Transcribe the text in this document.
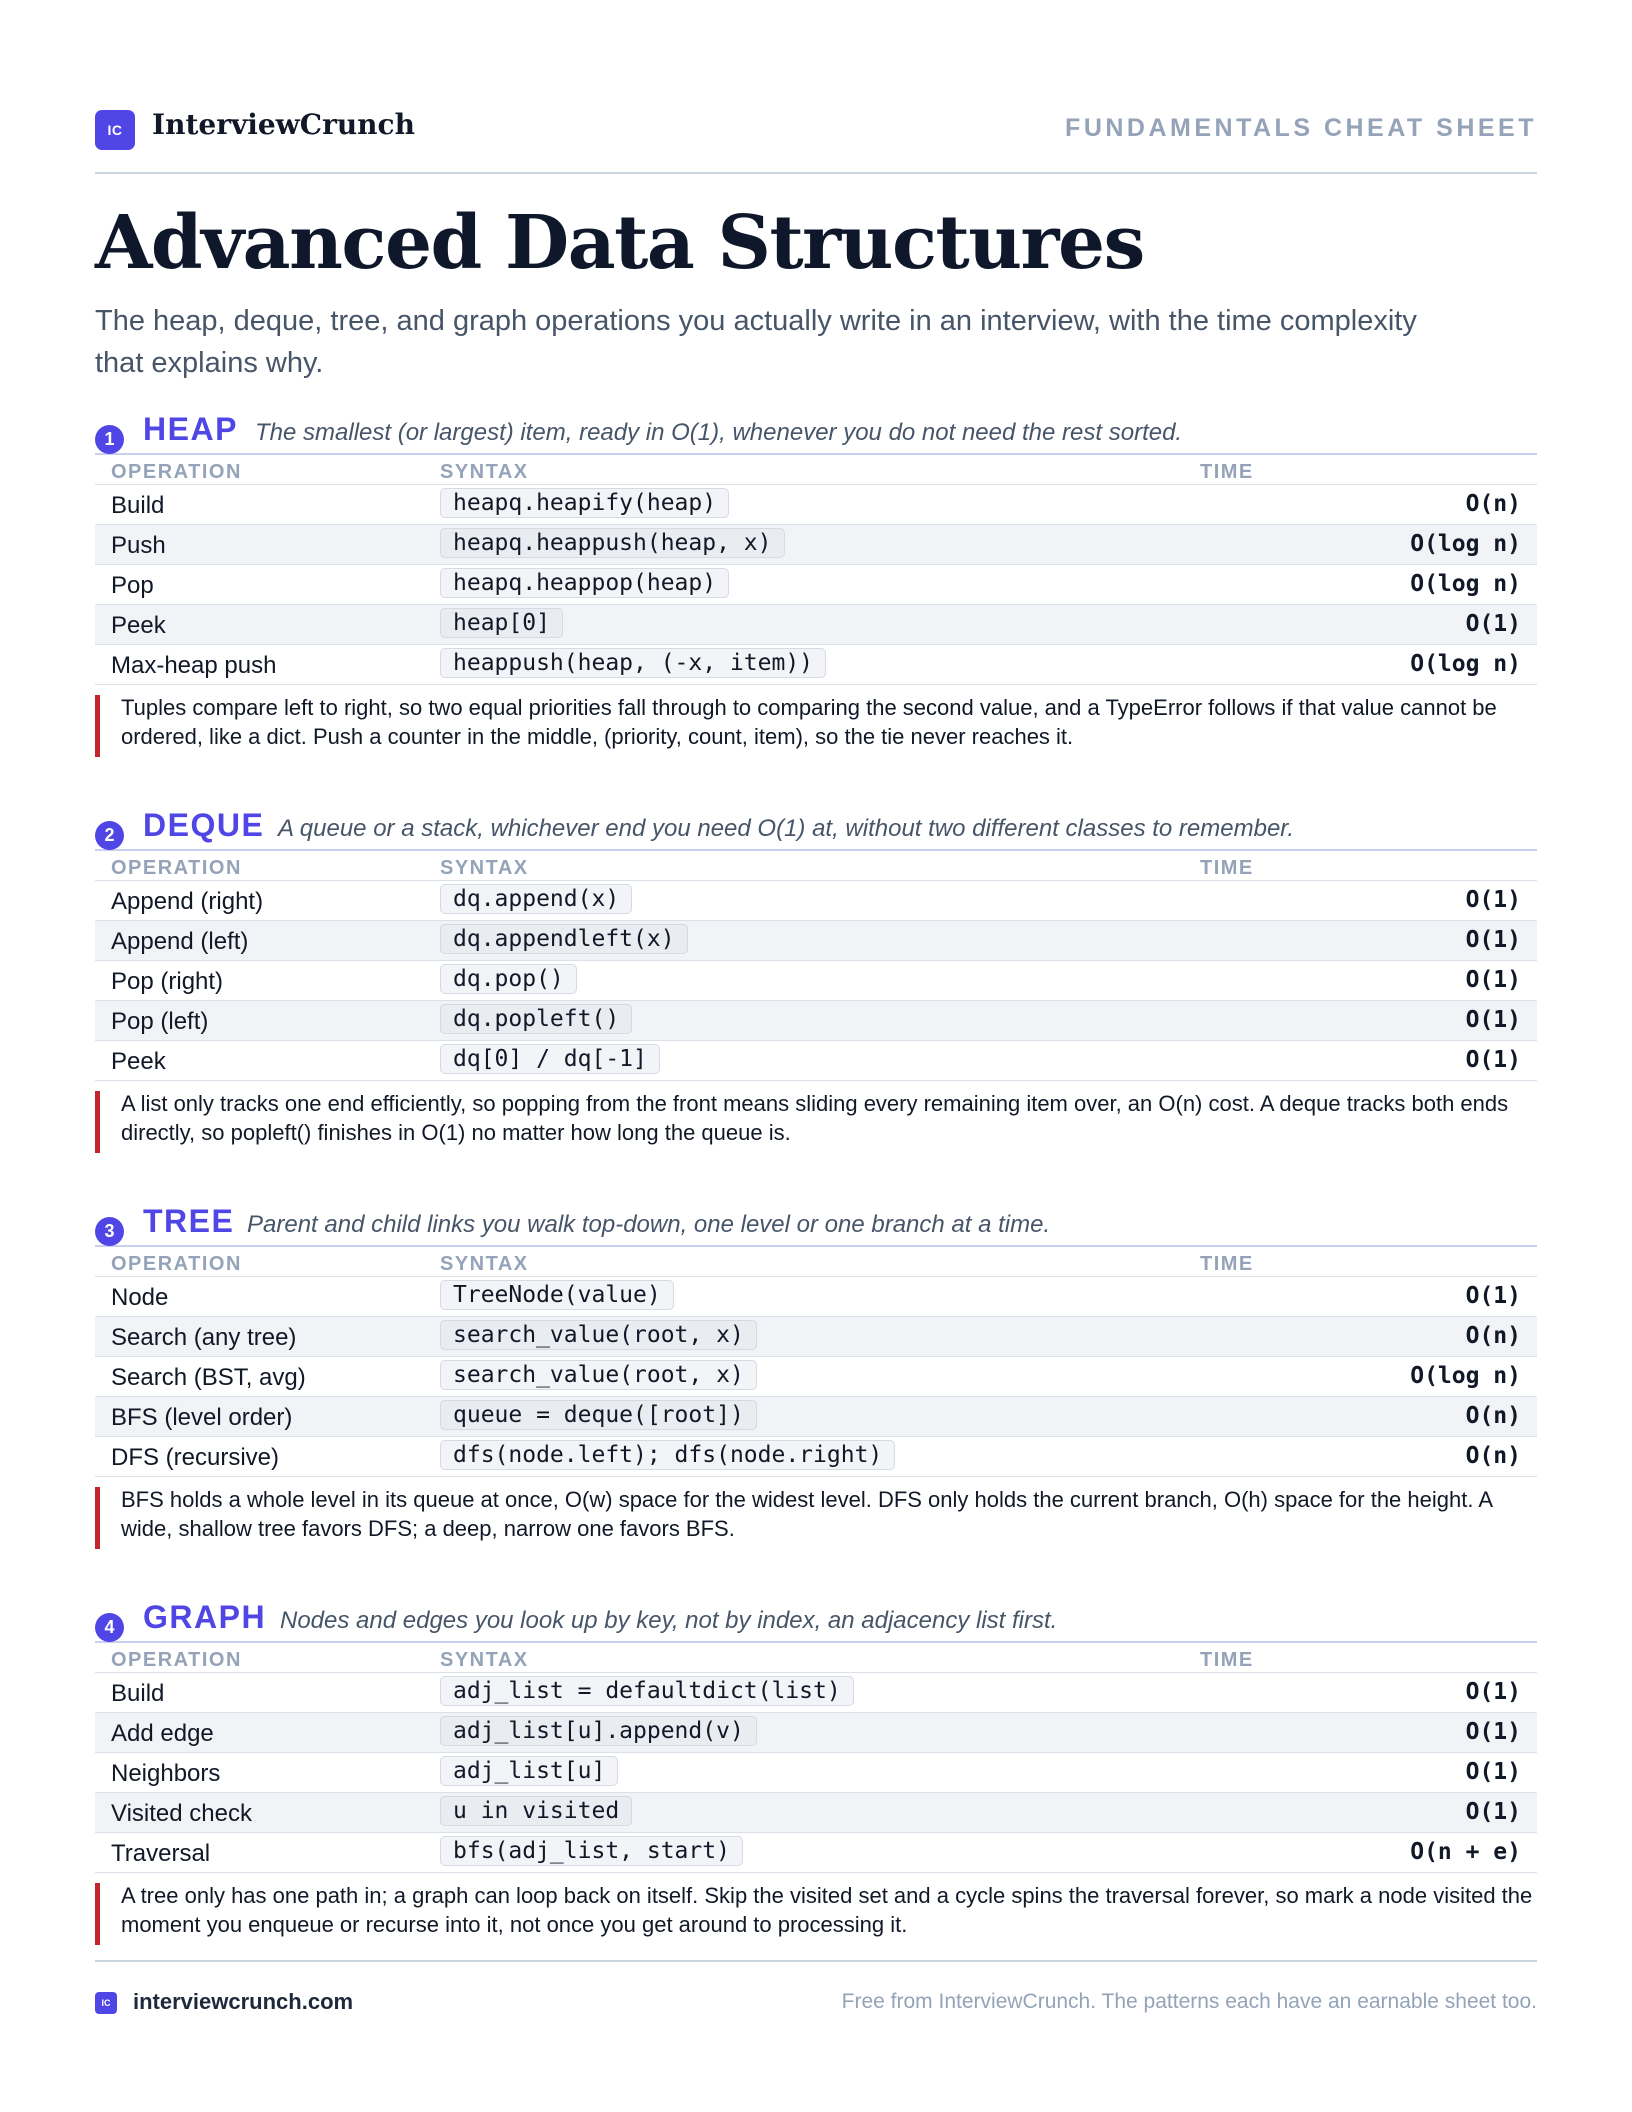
IC	InterviewCrunch	FUNDAMENTALS CHEAT SHEET
Advanced Data Structures

The heap, deque, tree, and graph operations you actually write in an interview, with the time complexity that explains why.

1 HEAP The smallest (or largest) item, ready in O(1), whenever you do not need the rest sorted.
OPERATION	SYNTAX	TIME
Build	heapq.heapify(heap)	O(n)
Push	heapq.heappush(heap, x)	O(log n)
Pop	heapq.heappop(heap)	O(log n)
Peek	heap[0]	O(1)
Max-heap push	heappush(heap, (-x, item))	O(log n)
Tuples compare left to right, so two equal priorities fall through to comparing the second value, and a TypeError follows if that value cannot be ordered, like a dict. Push a counter in the middle, (priority, count, item), so the tie never reaches it.
2 DEQUE A queue or a stack, whichever end you need O(1) at, without two different classes to remember.
OPERATION	SYNTAX	TIME
Append (right)	dq.append(x)	O(1)
Append (left)	dq.appendleft(x)	O(1)
Pop (right)	dq.pop()	O(1)
Pop (left)	dq.popleft()	O(1)
Peek	dq[0] / dq[-1]	O(1)
A list only tracks one end efficiently, so popping from the front means sliding every remaining item over, an O(n) cost. A deque tracks both ends directly, so popleft() finishes in O(1) no matter how long the queue is.
3 TREE Parent and child links you walk top-down, one level or one branch at a time.
OPERATION	SYNTAX	TIME
Node	TreeNode(value)	O(1)
Search (any tree)	search_value(root, x)	O(n)
Search (BST, avg)	search_value(root, x)	O(log n)
BFS (level order)	queue = deque([root])	O(n)
DFS (recursive)	dfs(node.left); dfs(node.right)	O(n)
BFS holds a whole level in its queue at once, O(w) space for the widest level. DFS only holds the current branch, O(h) space for the height. A wide, shallow tree favors DFS; a deep, narrow one favors BFS.
4 GRAPH Nodes and edges you look up by key, not by index, an adjacency list first.
OPERATION	SYNTAX	TIME
Build	adj_list = defaultdict(list)	O(1)
Add edge	adj_list[u].append(v)	O(1)
Neighbors	adj_list[u]	O(1)
Visited check	u in visited	O(1)
Traversal	bfs(adj_list, start)	O(n + e)
A tree only has one path in; a graph can loop back on itself. Skip the visited set and a cycle spins the traversal forever, so mark a node visited the moment you enqueue or recurse into it, not once you get around to processing it.
IC interviewcrunch.com	Free from InterviewCrunch. The patterns each have an earnable sheet too.
